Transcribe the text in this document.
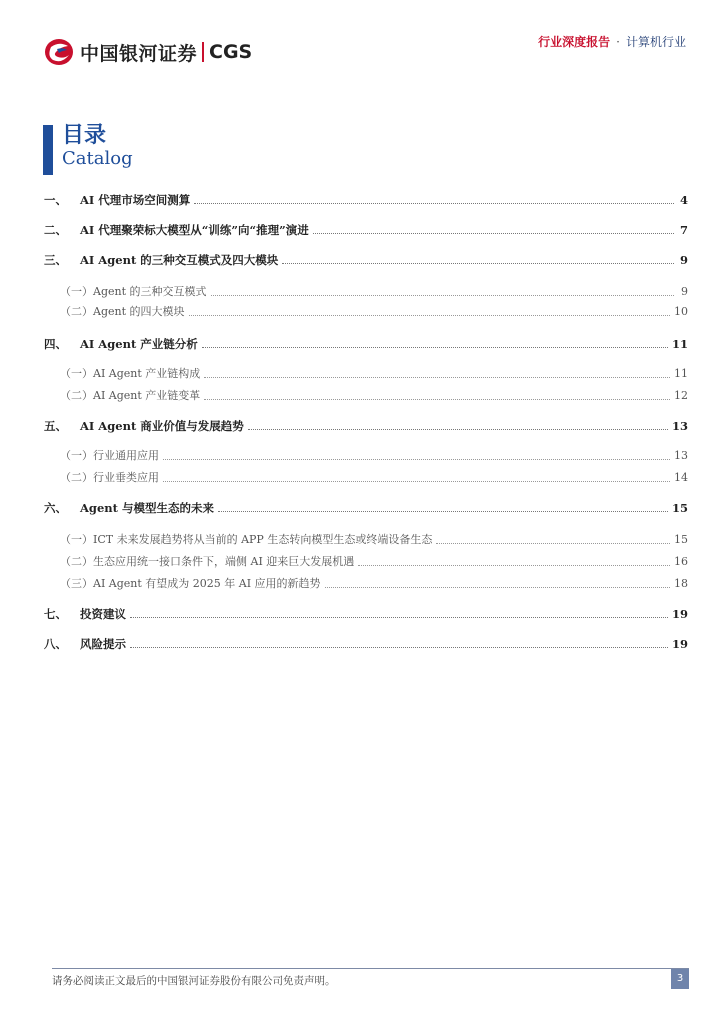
中国银河证券 CGS	行业深度报告 · 计算机行业
目录
Catalog
一、	AI 代理市场空间测算	4
二、	AI 代理聚荣标大模型从“训练”向“推理”演进	7
三、	AI Agent 的三种交互模式及四大模块	9
（一）Agent 的三种交互模式	9
（二）Agent 的四大模块	10
四、	AI Agent 产业链分析	11
（一）AI Agent 产业链构成	11
（二）AI Agent 产业链变革	12
五、	AI Agent 商业价值与发展趋势	13
（一）行业通用应用	13
（二）行业垂类应用	14
六、	Agent 与模型生态的未来	15
（一）ICT 未来发展趋势将从当前的 APP 生态转向模型生态或终端设备生态	15
（二）生态应用统一接口条件下，端侧 AI 迎来巨大发展机遇	16
（三）AI Agent 有望成为 2025 年 AI 应用的新趋势	18
七、	投资建议	19
八、	风险提示	19
请务必阅读正文最后的中国银河证券股份有限公司免责声明。	3
